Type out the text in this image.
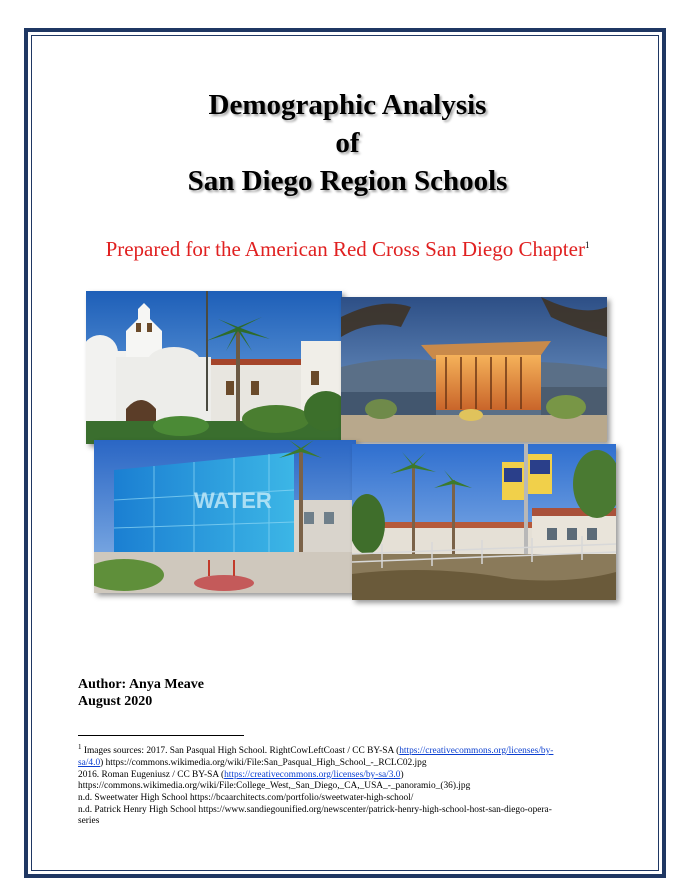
Demographic Analysis
of
San Diego Region Schools
Prepared for the American Red Cross San Diego Chapter$^1$
WATER
Author: Anya Meave
August 2020
$^1$ Images sources: 2017. San Pasqual High School. RightCowLeftCoast / CC BY-SA (https://creativecommons.org/licenses/by-
sa/4.0) https://commons.wikimedia.org/wiki/File:San_Pasqual_High_School_-_RCLC02.jpg
2016. Roman Eugeniusz / CC BY-SA (https://creativecommons.org/licenses/by-sa/3.0)
https://commons.wikimedia.org/wiki/File:College_West,_San_Diego,_CA,_USA_-_panoramio_(36).jpg
n.d. Sweetwater High School https://bcaarchitects.com/portfolio/sweetwater-high-school/
n.d. Patrick Henry High School https://www.sandiegounified.org/newscenter/patrick-henry-high-school-host-san-diego-opera-
series
